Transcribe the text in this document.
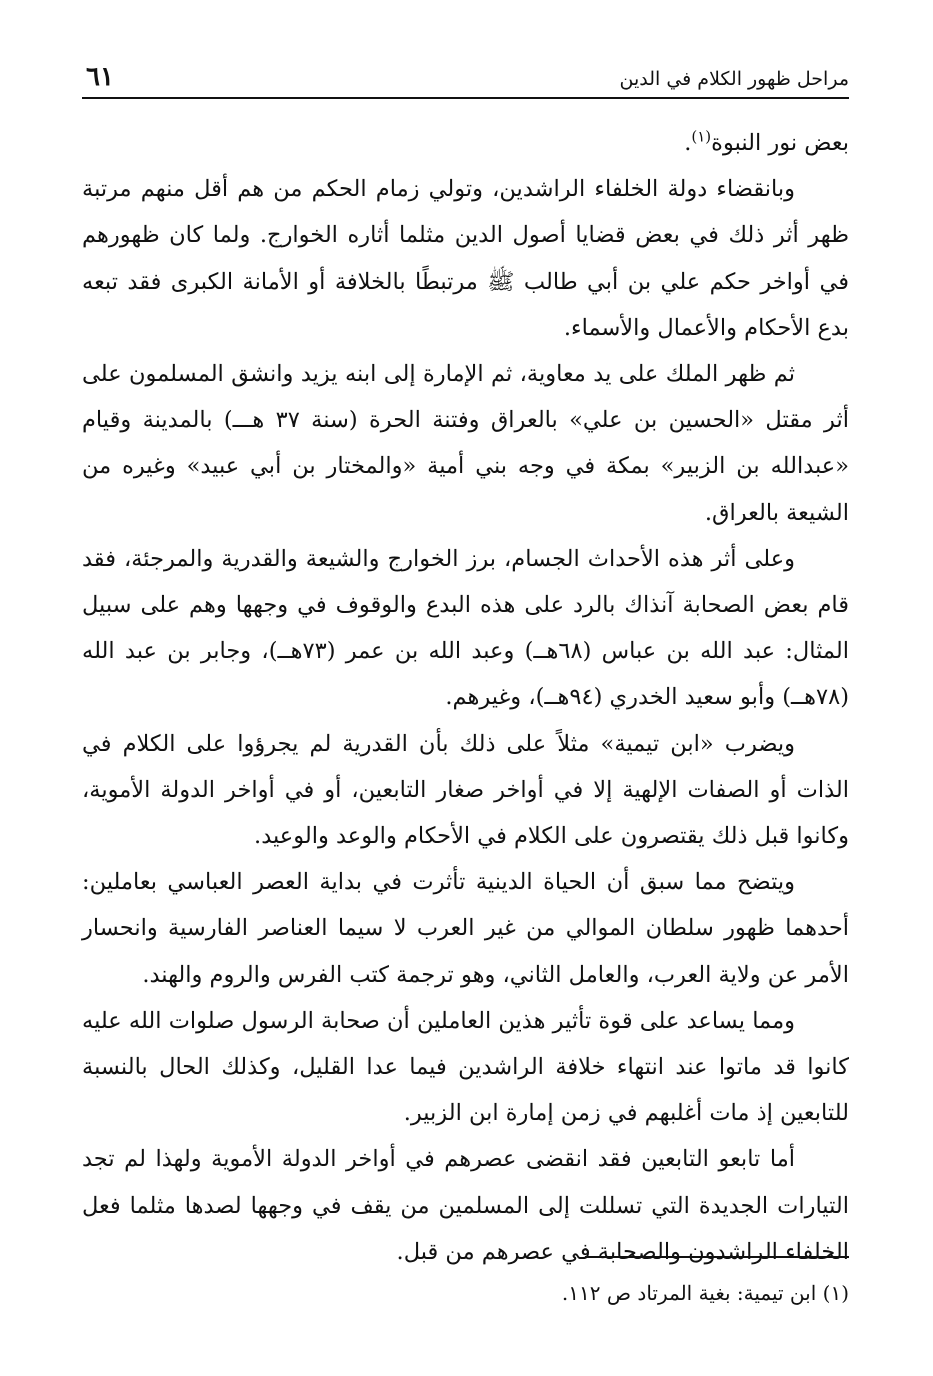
مراحل ظهور الكلام في الدين
٦١

بعض نور النبوة$^{(١)}$.

وبانقضاء دولة الخلفاء الراشدين، وتولي زمام الحكم من هم أقل منهم مرتبة ظهر أثر ذلك في بعض قضايا أصول الدين مثلما أثاره الخوارج. ولما كان ظهورهم في أواخر حكم علي بن أبي طالب ﷺ مرتبطًا بالخلافة أو الأمانة الكبرى فقد تبعه بدع الأحكام والأعمال والأسماء.

ثم ظهر الملك على يد معاوية، ثم الإمارة إلى ابنه يزيد وانشق المسلمون على أثر مقتل «الحسين بن علي» بالعراق وفتنة الحرة (سنة ٣٧ هـــ) بالمدينة وقيام «عبدالله بن الزبير» بمكة في وجه بني أمية «والمختار بن أبي عبيد» وغيره من الشيعة بالعراق.

وعلى أثر هذه الأحداث الجسام، برز الخوارج والشيعة والقدرية والمرجئة، فقد قام بعض الصحابة آنذاك بالرد على هذه البدع والوقوف في وجهها وهم على سبيل المثال: عبد الله بن عباس (٦٨هــ) وعبد الله بن عمر (٧٣هــ)، وجابر بن عبد الله (٧٨هــ) وأبو سعيد الخدري (٩٤هــ)، وغيرهم.

ويضرب «ابن تيمية» مثلاً على ذلك بأن القدرية لم يجرؤوا على الكلام في الذات أو الصفات الإلهية إلا في أواخر صغار التابعين، أو في أواخر الدولة الأموية، وكانوا قبل ذلك يقتصرون على الكلام في الأحكام والوعد والوعيد.

ويتضح مما سبق أن الحياة الدينية تأثرت في بداية العصر العباسي بعاملين: أحدهما ظهور سلطان الموالي من غير العرب لا سيما العناصر الفارسية وانحسار الأمر عن ولاية العرب، والعامل الثاني، وهو ترجمة كتب الفرس والروم والهند.

ومما يساعد على قوة تأثير هذين العاملين أن صحابة الرسول صلوات الله عليه كانوا قد ماتوا عند انتهاء خلافة الراشدين فيما عدا القليل، وكذلك الحال بالنسبة للتابعين إذ مات أغلبهم في زمن إمارة ابن الزبير.

أما تابعو التابعين فقد انقضى عصرهم في أواخر الدولة الأموية ولهذا لم تجد التيارات الجديدة التي تسللت إلى المسلمين من يقف في وجهها لصدها مثلما فعل الخلفاء الراشدون والصحابة في عصرهم من قبل.

(١) ابن تيمية: بغية المرتاد ص ١١٢.
